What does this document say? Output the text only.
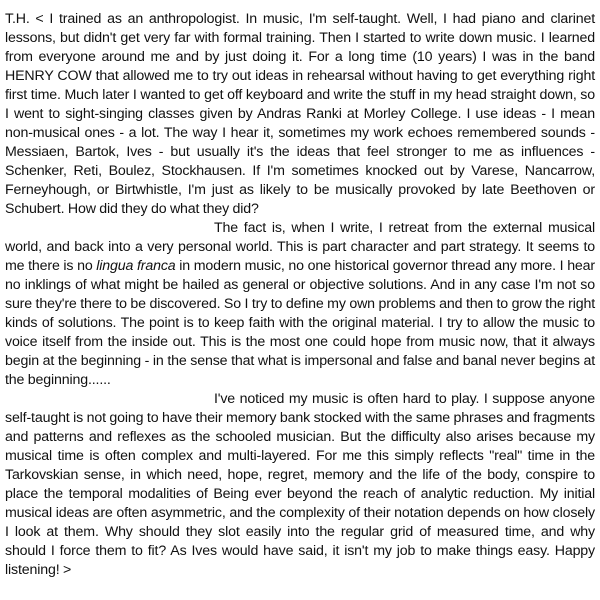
T.H. < I trained as an anthropologist. In music, I'm self-taught. Well, I had piano and clarinet lessons, but didn't get very far with formal training. Then I started to write down music. I learned from everyone around me and by just doing it. For a long time (10 years) I was in the band HENRY COW that allowed me to try out ideas in rehearsal without having to get everything right first time. Much later I wanted to get off keyboard and write the stuff in my head straight down, so I went to sight-singing classes given by Andras Ranki at Morley College. I use ideas - I mean non-musical ones - a lot. The way I hear it, sometimes my work echoes remembered sounds - Messiaen, Bartok, Ives - but usually it's the ideas that feel stronger to me as influences - Schenker, Reti, Boulez, Stockhausen. If I'm sometimes knocked out by Varese, Nancarrow, Ferneyhough, or Birtwhistle, I'm just as likely to be musically provoked by late Beethoven or Schubert. How did they do what they did?

The fact is, when I write, I retreat from the external musical world, and back into a very personal world. This is part character and part strategy. It seems to me there is no lingua franca in modern music, no one historical governor thread any more. I hear no inklings of what might be hailed as general or objective solutions. And in any case I'm not so sure they're there to be discovered. So I try to define my own problems and then to grow the right kinds of solutions. The point is to keep faith with the original material. I try to allow the music to voice itself from the inside out. This is the most one could hope from music now, that it always begin at the beginning - in the sense that what is impersonal and false and banal never begins at the beginning......

I've noticed my music is often hard to play. I suppose anyone self-taught is not going to have their memory bank stocked with the same phrases and fragments and patterns and reflexes as the schooled musician. But the difficulty also arises because my musical time is often complex and multi-layered. For me this simply reflects "real" time in the Tarkovskian sense, in which need, hope, regret, memory and the life of the body, conspire to place the temporal modalities of Being ever beyond the reach of analytic reduction. My initial musical ideas are often asymmetric, and the complexity of their notation depends on how closely I look at them. Why should they slot easily into the regular grid of measured time, and why should I force them to fit? As Ives would have said, it isn't my job to make things easy. Happy listening! >
